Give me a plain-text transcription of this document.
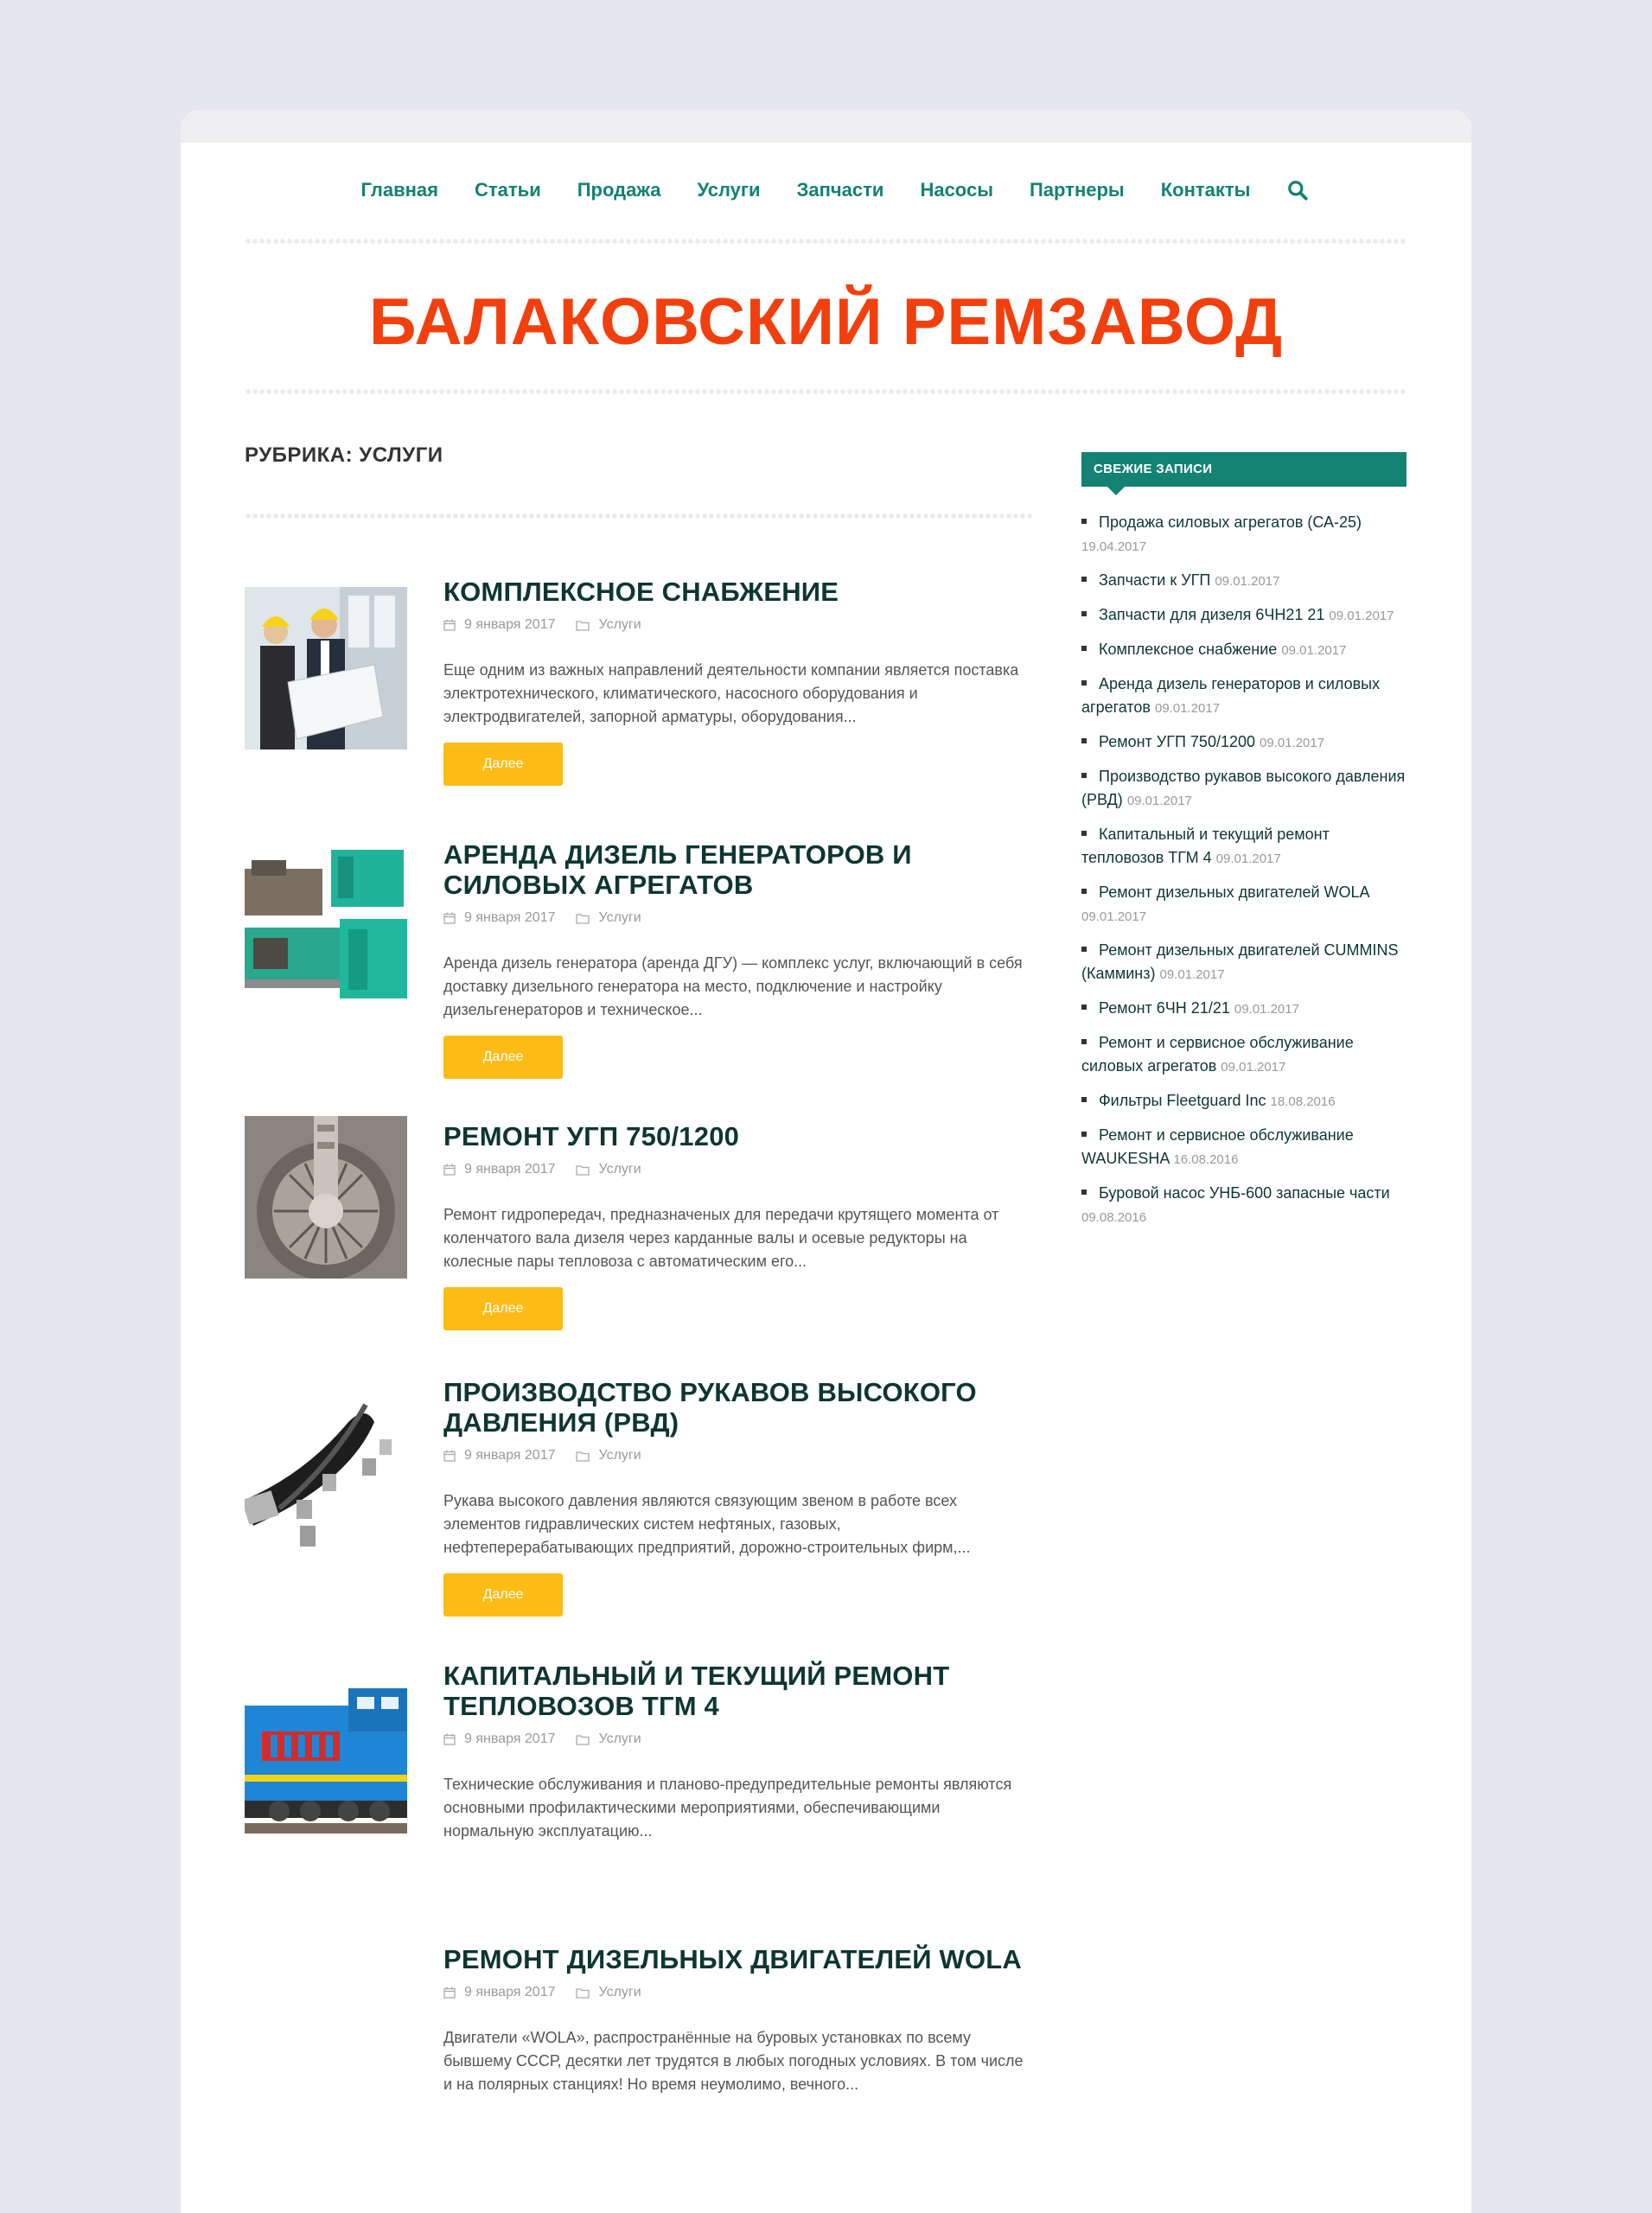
Главная Статьи Продажа Услуги Запчасти Насосы Партнеры Контакты
БАЛАКОВСКИЙ РЕМЗАВОД
РУБРИКА: УСЛУГИ
КОМПЛЕКСНОЕ СНАБЖЕНИЕ
9 января 2017	Услуги

Еще одним из важных направлений деятельности компании является поставка электротехнического, климатического, насосного оборудования и электродвигателей, запорной арматуры, оборудования...

Далее
АРЕНДА ДИЗЕЛЬ ГЕНЕРАТОРОВ И СИЛОВЫХ АГРЕГАТОВ
9 января 2017	Услуги

Аренда дизель генератора (аренда ДГУ) — комплекс услуг, включающий в себя доставку дизельного генератора на место, подключение и настройку дизельгенераторов и техническое...

Далее
РЕМОНТ УГП 750/1200
9 января 2017	Услуги

Ремонт гидропередач, предназначеных для передачи крутящего момента от коленчатого вала дизеля через карданные валы и осевые редукторы на колесные пары тепловоза с автоматическим его...

Далее
ПРОИЗВОДСТВО РУКАВОВ ВЫСОКОГО ДАВЛЕНИЯ (РВД)
9 января 2017	Услуги

Рукава высокого давления являются связующим звеном в работе всех элементов гидравлических систем нефтяных, газовых, нефтеперерабатывающих предприятий, дорожно-строительных фирм,...

Далее
КАПИТАЛЬНЫЙ И ТЕКУЩИЙ РЕМОНТ ТЕПЛОВОЗОВ ТГМ 4
9 января 2017	Услуги

Технические обслуживания и планово-предупредительные ремонты являются основными профилактическими мероприятиями, обеспечивающими нормальную эксплуатацию...

РЕМОНТ ДИЗЕЛЬНЫХ ДВИГАТЕЛЕЙ WOLA
9 января 2017	Услуги

Двигатели «WOLA», распространённые на буровых установках по всему бывшему СССР, десятки лет трудятся в любых погодных условиях. В том числе и на полярных станциях! Но время неумолимо, вечного...

СВЕЖИЕ ЗАПИСИ
Продажа силовых агрегатов (СА-25) 19.04.2017
Запчасти к УГП 09.01.2017
Запчасти для дизеля 6ЧН21 21 09.01.2017
Комплексное снабжение 09.01.2017
Аренда дизель генераторов и силовых агрегатов 09.01.2017
Ремонт УГП 750/1200 09.01.2017
Производство рукавов высокого давления (РВД) 09.01.2017
Капитальный и текущий ремонт тепловозов ТГМ 4 09.01.2017
Ремонт дизельных двигателей WOLA 09.01.2017
Ремонт дизельных двигателей CUMMINS (Камминз) 09.01.2017
Ремонт 6ЧН 21/21 09.01.2017
Ремонт и сервисное обслуживание силовых агрегатов 09.01.2017
Фильтры Fleetguard Inc 18.08.2016
Ремонт и сервисное обслуживание WAUKESHA 16.08.2016
Буровой насос УНБ-600 запасные части 09.08.2016
